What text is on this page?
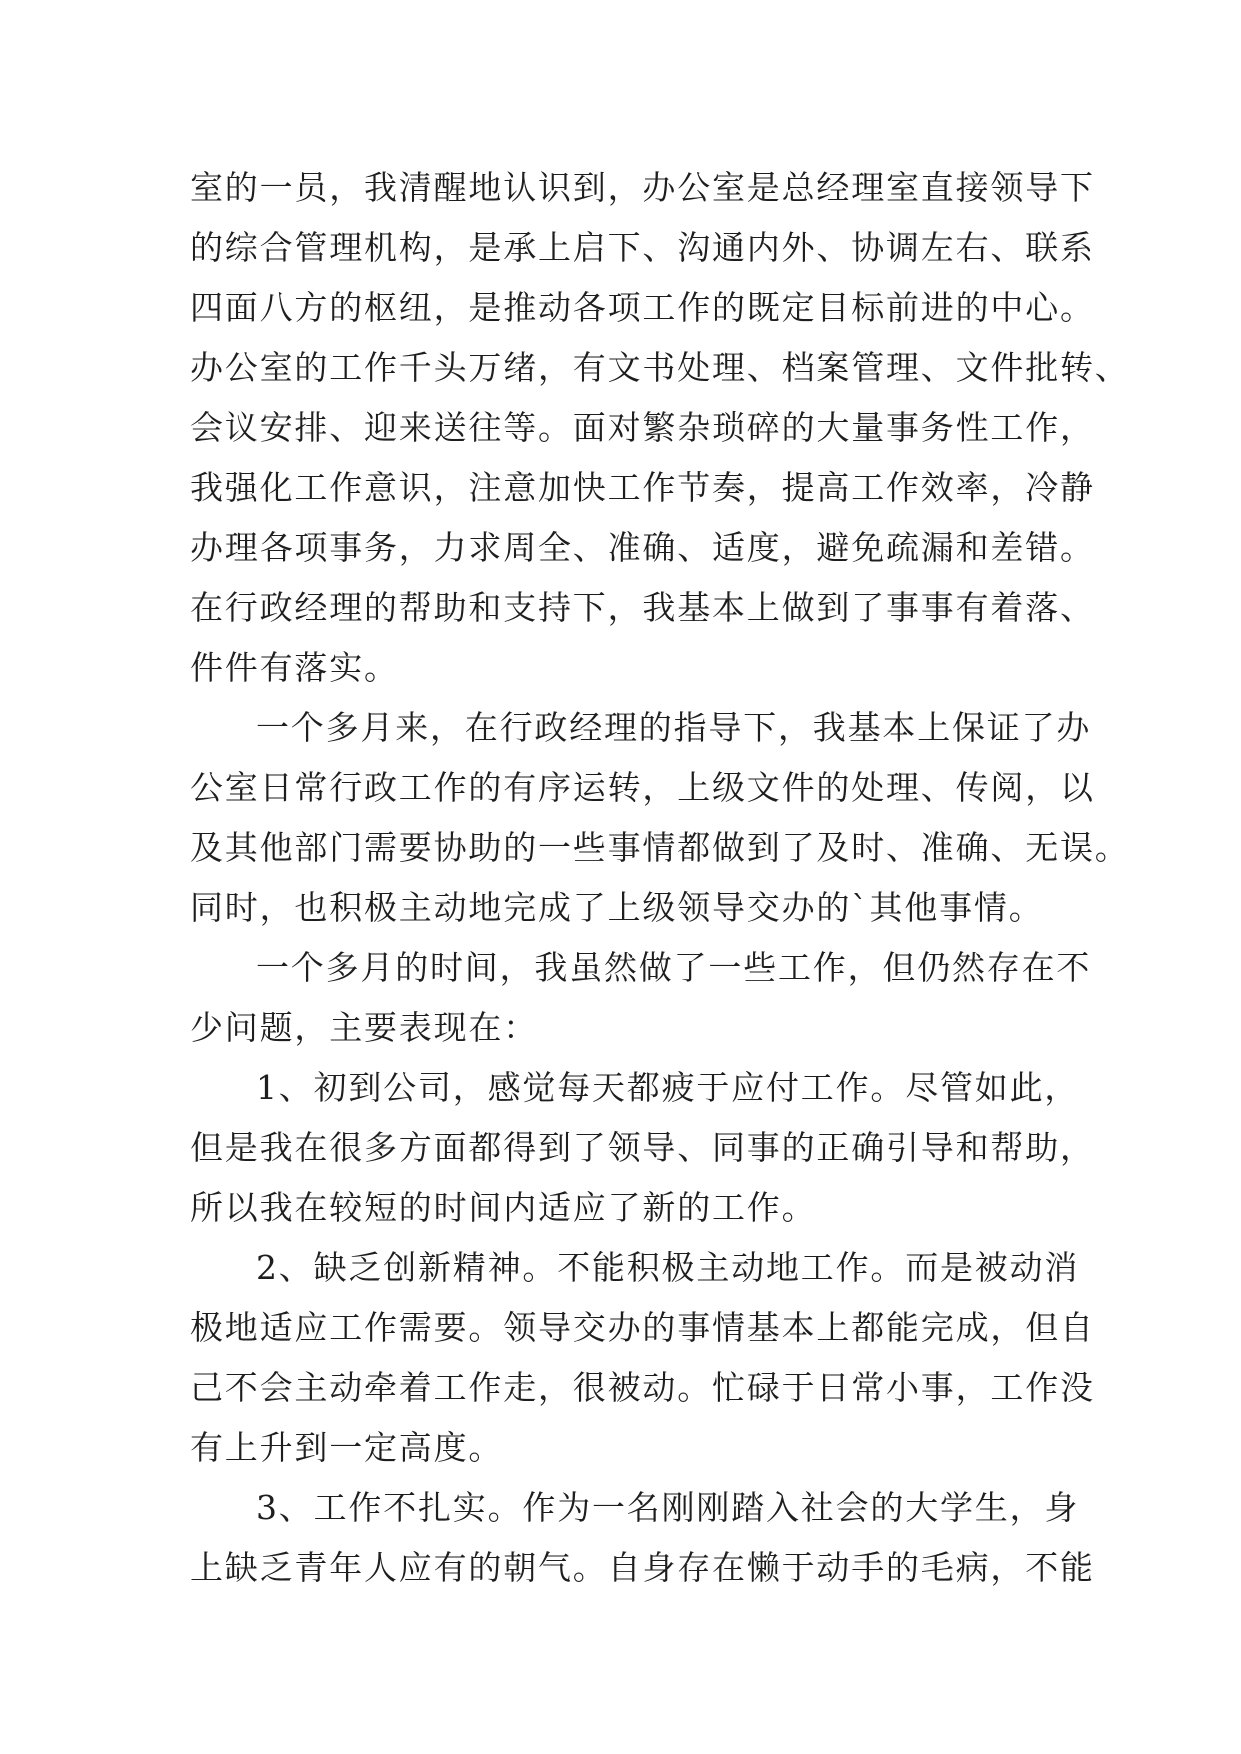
室的一员，我清醒地认识到，办公室是总经理室直接领导下
的综合管理机构，是承上启下、沟通内外、协调左右、联系
四面八方的枢纽，是推动各项工作的既定目标前进的中心。
办公室的工作千头万绪，有文书处理、档案管理、文件批转、
会议安排、迎来送往等。面对繁杂琐碎的大量事务性工作，
我强化工作意识，注意加快工作节奏，提高工作效率，冷静
办理各项事务，力求周全、准确、适度，避免疏漏和差错。
在行政经理的帮助和支持下，我基本上做到了事事有着落、
件件有落实。
一个多月来，在行政经理的指导下，我基本上保证了办
公室日常行政工作的有序运转，上级文件的处理、传阅，以
及其他部门需要协助的一些事情都做到了及时、准确、无误。
同时，也积极主动地完成了上级领导交办的`其他事情。
一个多月的时间，我虽然做了一些工作，但仍然存在不
少问题，主要表现在：
1、初到公司，感觉每天都疲于应付工作。尽管如此，
但是我在很多方面都得到了领导、同事的正确引导和帮助，
所以我在较短的时间内适应了新的工作。
2、缺乏创新精神。不能积极主动地工作。而是被动消
极地适应工作需要。领导交办的事情基本上都能完成，但自
己不会主动牵着工作走，很被动。忙碌于日常小事，工作没
有上升到一定高度。
3、工作不扎实。作为一名刚刚踏入社会的大学生，身
上缺乏青年人应有的朝气。自身存在懒于动手的毛病，不能
